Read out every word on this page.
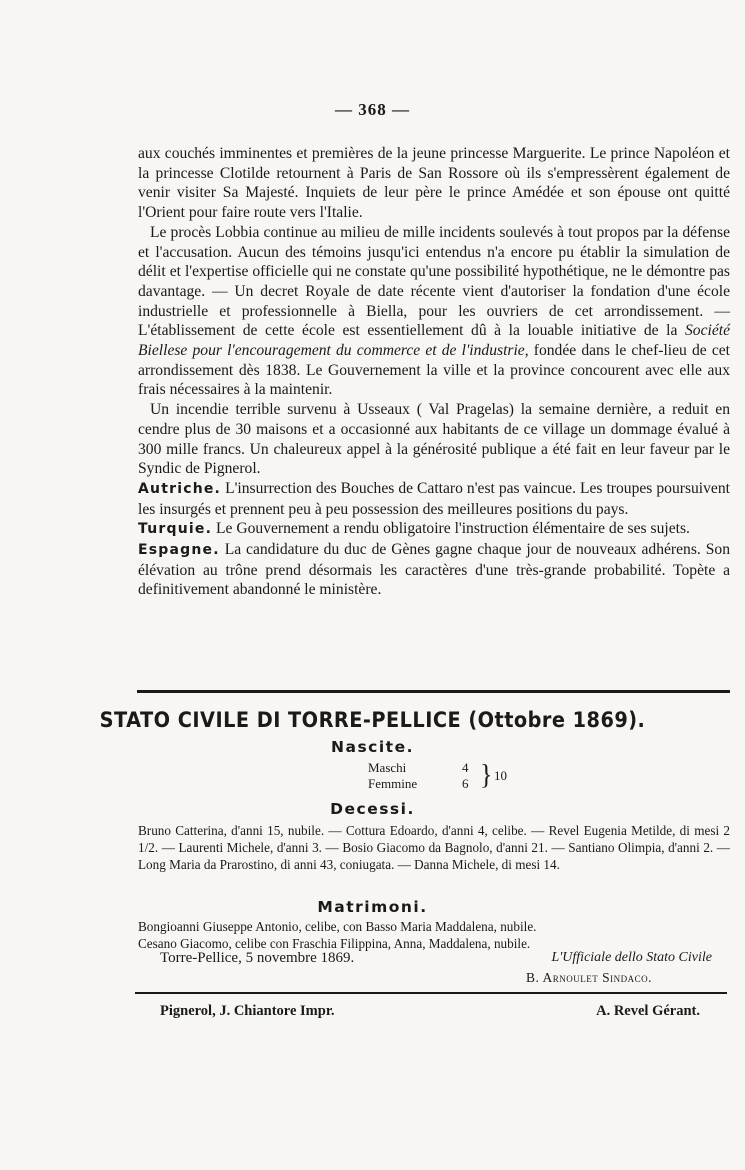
— 368 —

aux couchés imminentes et premières de la jeune princesse Marguerite. Le prince Napoléon et la princesse Clotilde retournent à Paris de San Rossore où ils s'empressèrent également de venir visiter Sa Majesté. Inquiets de leur père le prince Amédée et son épouse ont quitté l'Orient pour faire route vers l'Italie.

Le procès Lobbia continue au milieu de mille incidents soulevés à tout propos par la défense et l'accusation. Aucun des témoins jusqu'ici entendus n'a encore pu établir la simulation de délit et l'expertise officielle qui ne constate qu'une possibilité hypothétique, ne le démontre pas davantage. — Un decret Royale de date récente vient d'autoriser la fondation d'une école industrielle et professionnelle à Biella, pour les ouvriers de cet arrondissement. — L'établissement de cette école est essentiellement dû à la louable initiative de la Société Biellese pour l'encouragement du commerce et de l'industrie, fondée dans le chef-lieu de cet arrondissement dès 1838. Le Gouvernement la ville et la province concourent avec elle aux frais nécessaires à la maintenir.

Un incendie terrible survenu à Usseaux ( Val Pragelas) la semaine dernière, a reduit en cendre plus de 30 maisons et a occasionné aux habitants de ce village un dommage évalué à 300 mille francs. Un chaleureux appel à la générosité publique a été fait en leur faveur par le Syndic de Pignerol.

Autriche. L'insurrection des Bouches de Cattaro n'est pas vaincue. Les troupes poursuivent les insurgés et prennent peu à peu possession des meilleures positions du pays.

Turquie. Le Gouvernement a rendu obligatoire l'instruction élémentaire de ses sujets.

Espagne. La candidature du duc de Gènes gagne chaque jour de nouveaux adhérens. Son élévation au trône prend désormais les caractères d'une très-grande probabilité. Topète a definitivement abandonné le ministère.

STATO CIVILE DI TORRE-PELLICE (Ottobre 1869).
Nascite.
Maschi	4
Femmine	6 } 10
Decessi.

Bruno Catterina, d'anni 15, nubile. — Cottura Edoardo, d'anni 4, celibe. — Revel Eugenia Metilde, di mesi 2 1/2. — Laurenti Michele, d'anni 3. — Bosio Giacomo da Bagnolo, d'anni 21. — Santiano Olimpia, d'anni 2. — Long Maria da Prarostino, di anni 43, coniugata. — Danna Michele, di mesi 14.

Matrimoni.

Bongioanni Giuseppe Antonio, celibe, con Basso Maria Maddalena, nubile.

Cesano Giacomo, celibe con Fraschia Filippina, Anna, Maddalena, nubile.

Torre-Pellice, 5 novembre 1869.	L'Ufficiale dello Stato Civile
B. Arnoulet Sindaco.
Pignerol, J. Chiantore Impr.	A. Revel Gérant.
